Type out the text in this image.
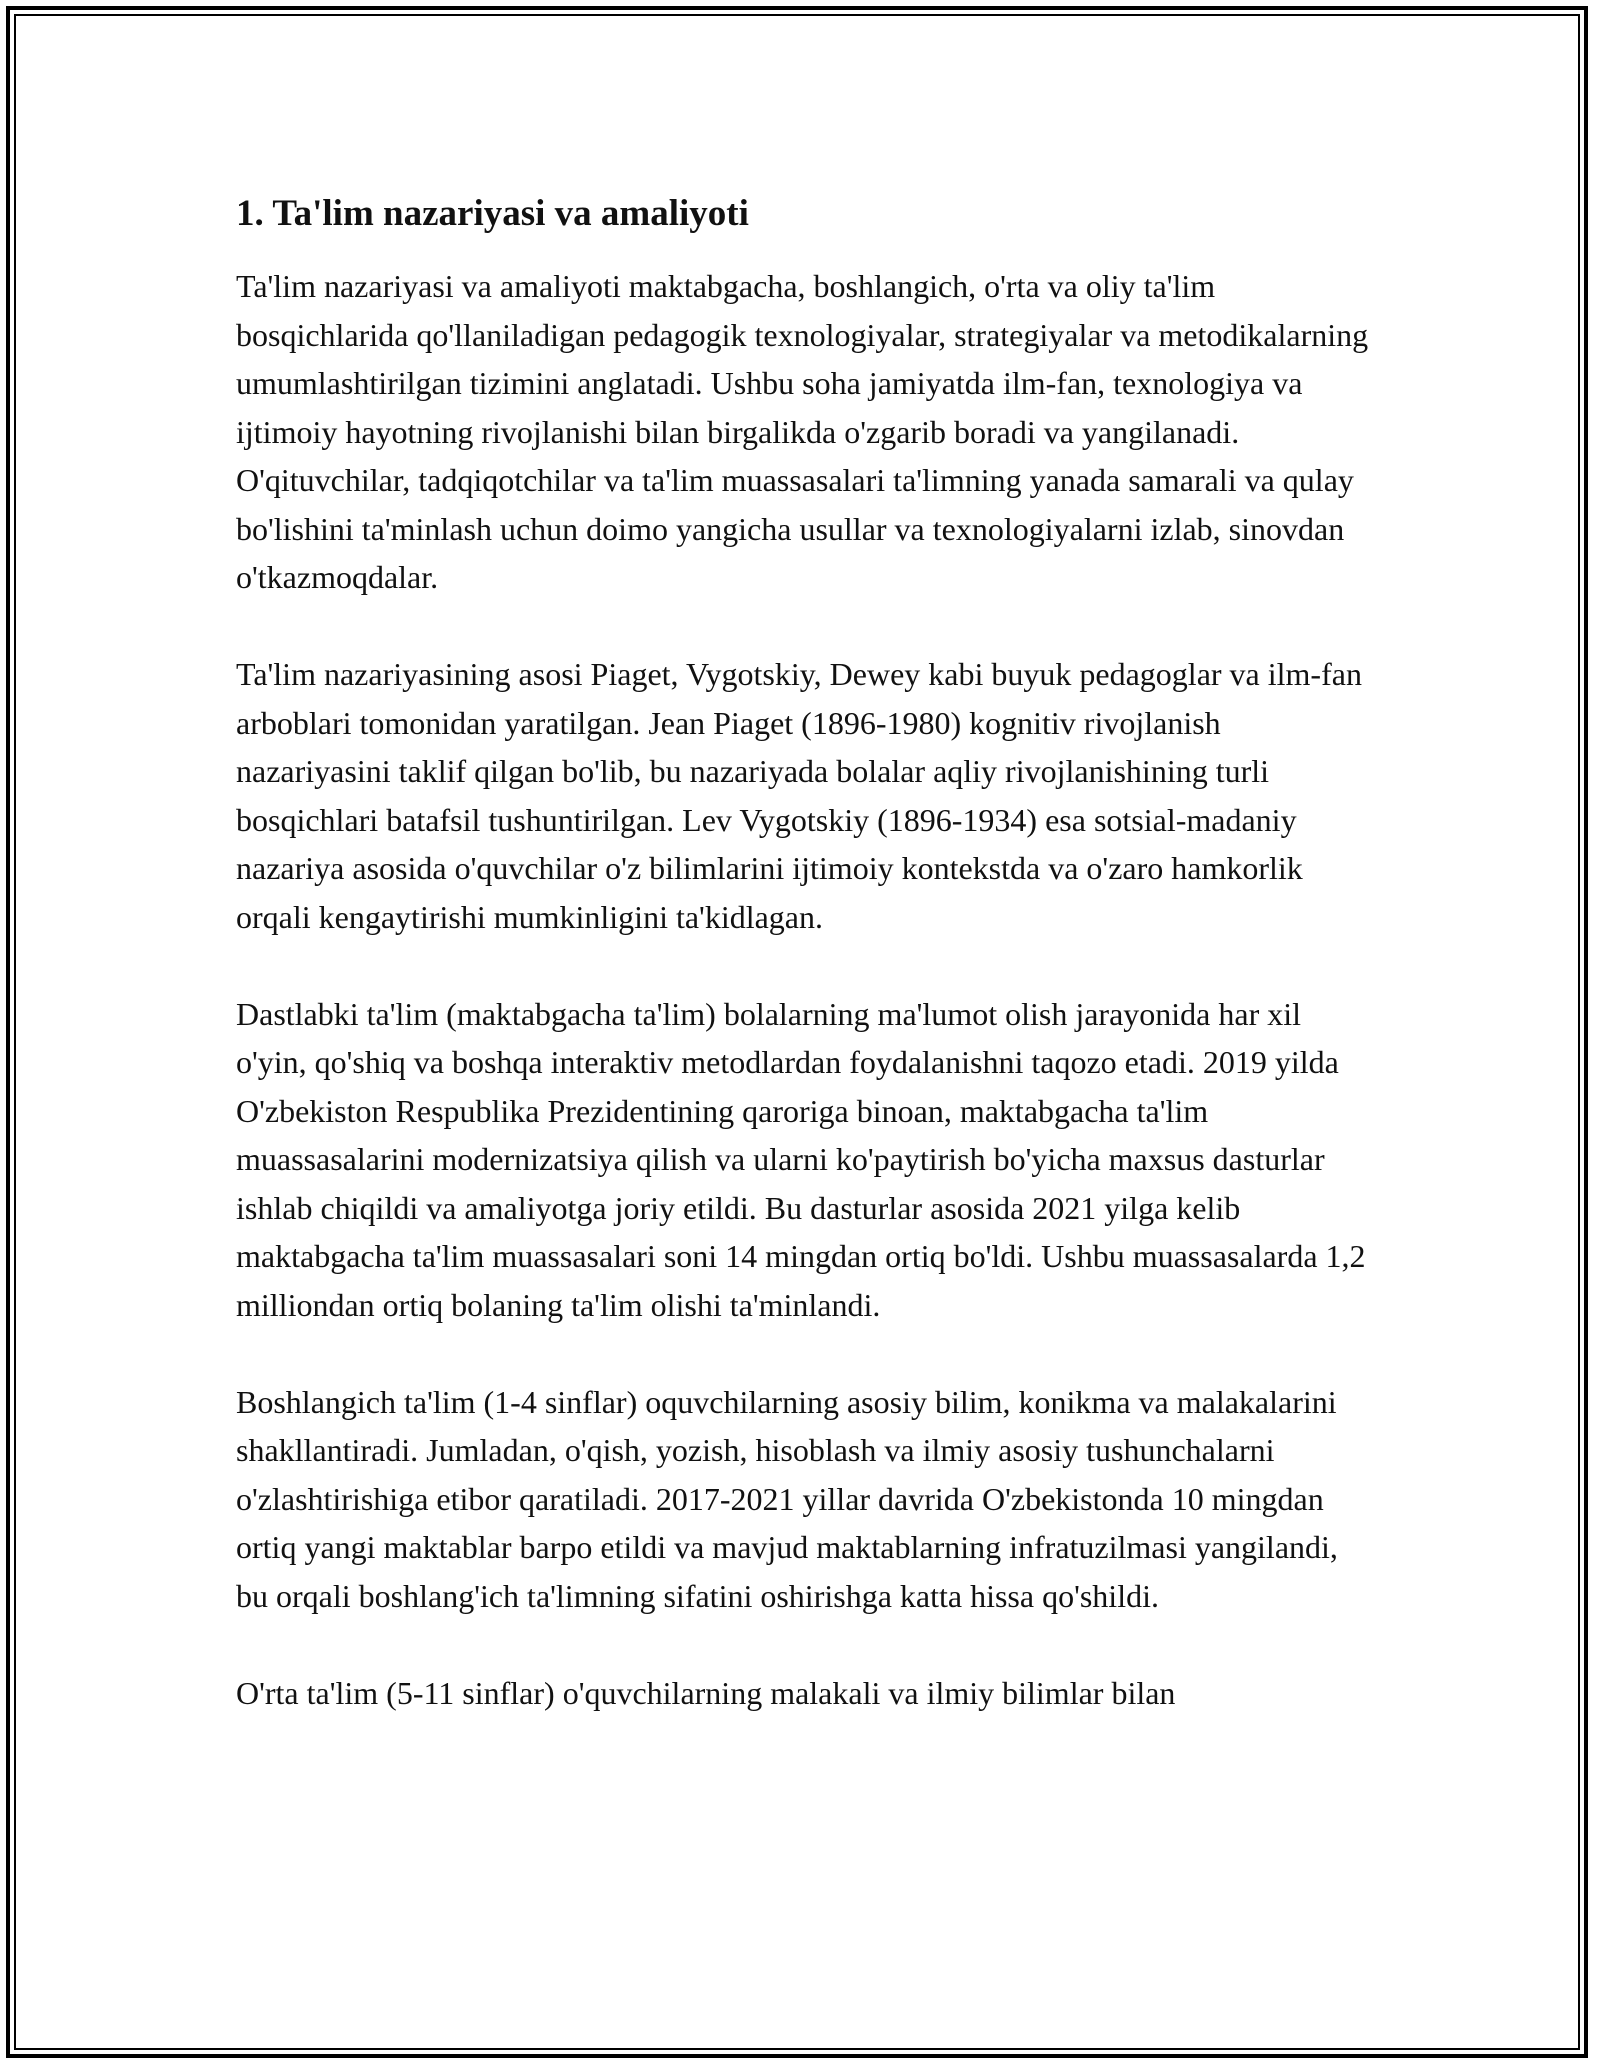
1. Ta'lim nazariyasi va amaliyoti

Ta'lim nazariyasi va amaliyoti maktabgacha, boshlangich, o'rta va oliy ta'lim bosqichlarida qo'llaniladigan pedagogik texnologiyalar, strategiyalar va metodikalarning umumlashtirilgan tizimini anglatadi. Ushbu soha jamiyatda ilm-fan, texnologiya va ijtimoiy hayotning rivojlanishi bilan birgalikda o'zgarib boradi va yangilanadi. O'qituvchilar, tadqiqotchilar va ta'lim muassasalari ta'limning yanada samarali va qulay bo'lishini ta'minlash uchun doimo yangicha usullar va texnologiyalarni izlab, sinovdan o'tkazmoqdalar.

Ta'lim nazariyasining asosi Piaget, Vygotskiy, Dewey kabi buyuk pedagoglar va ilm-fan arboblari tomonidan yaratilgan. Jean Piaget (1896-1980) kognitiv rivojlanish nazariyasini taklif qilgan bo'lib, bu nazariyada bolalar aqliy rivojlanishining turli bosqichlari batafsil tushuntirilgan. Lev Vygotskiy (1896-1934) esa sotsial-madaniy nazariya asosida o'quvchilar o'z bilimlarini ijtimoiy kontekstda va o'zaro hamkorlik orqali kengaytirishi mumkinligini ta'kidlagan.

Dastlabki ta'lim (maktabgacha ta'lim) bolalarning ma'lumot olish jarayonida har xil o'yin, qo'shiq va boshqa interaktiv metodlardan foydalanishni taqozo etadi. 2019 yilda O'zbekiston Respublika Prezidentining qaroriga binoan, maktabgacha ta'lim muassasalarini modernizatsiya qilish va ularni ko'paytirish bo'yicha maxsus dasturlar ishlab chiqildi va amaliyotga joriy etildi. Bu dasturlar asosida 2021 yilga kelib maktabgacha ta'lim muassasalari soni 14 mingdan ortiq bo'ldi. Ushbu muassasalarda 1,2 milliondan ortiq bolaning ta'lim olishi ta'minlandi.

Boshlangich ta'lim (1-4 sinflar) oquvchilarning asosiy bilim, konikma va malakalarini shakllantiradi. Jumladan, o'qish, yozish, hisoblash va ilmiy asosiy tushunchalarni o'zlashtirishiga etibor qaratiladi. 2017-2021 yillar davrida O'zbekistonda 10 mingdan ortiq yangi maktablar barpo etildi va mavjud maktablarning infratuzilmasi yangilandi, bu orqali boshlang'ich ta'limning sifatini oshirishga katta hissa qo'shildi.

O'rta ta'lim (5-11 sinflar) o'quvchilarning malakali va ilmiy bilimlar bilan
